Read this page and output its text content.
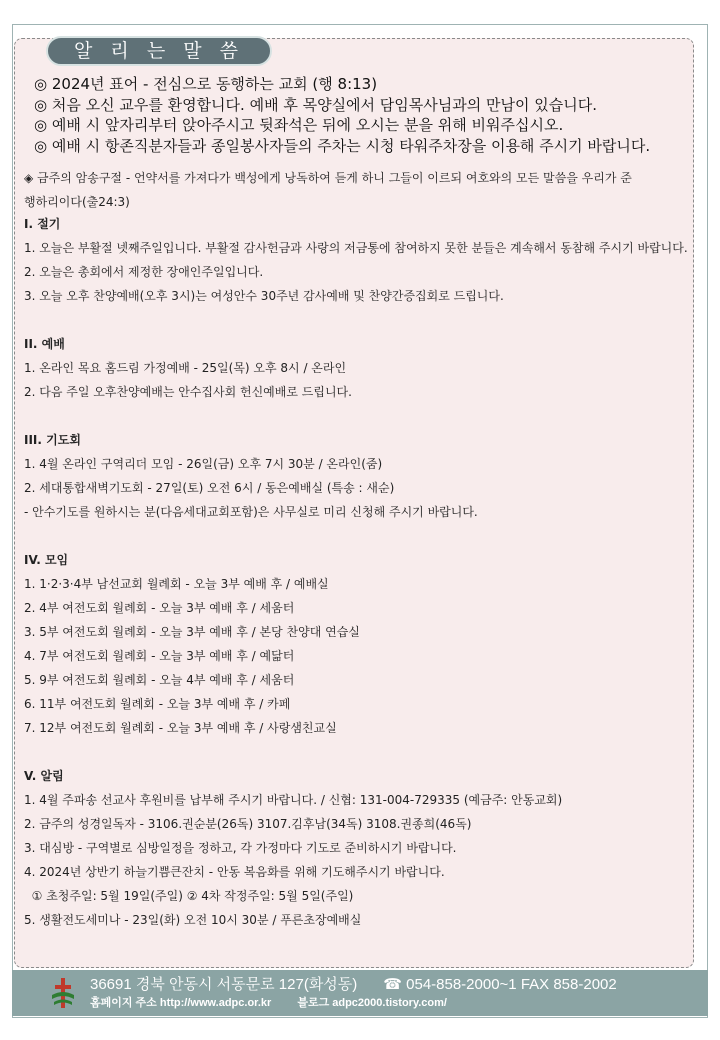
알 리 는 말 씀
◎ 2024년 표어 - 전심으로 동행하는 교회 (행 8:13)
◎ 처음 오신 교우를 환영합니다. 예배 후 목양실에서 담임목사님과의 만남이 있습니다.
◎ 예배 시 앞자리부터 앉아주시고 뒷좌석은 뒤에 오시는 분을 위해 비워주십시오.
◎ 예배 시 항존직분자들과 종일봉사자들의 주차는 시청 타워주차장을 이용해 주시기 바랍니다.
◈ 금주의 암송구절 - 언약서를 가져다가 백성에게 낭독하여 듣게 하니 그들이 이르되 여호와의 모든 말씀을 우리가 준
행하리이다(출24:3)
I. 절기
1. 오늘은 부활절 넷째주일입니다. 부활절 감사헌금과 사랑의 저금통에 참여하지 못한 분들은 계속해서 동참해 주시기 바랍니다.
2. 오늘은 총회에서 제정한 장애인주일입니다.
3. 오늘 오후 찬양예배(오후 3시)는 여성안수 30주년 감사예배 및 찬양간증집회로 드립니다.
II. 예배
1. 온라인 목요 홈드림 가정예배 - 25일(목) 오후 8시 / 온라인
2. 다음 주일 오후찬양예배는 안수집사회 헌신예배로 드립니다.
III. 기도회
1. 4월 온라인 구역리더 모임 - 26일(금) 오후 7시 30분 / 온라인(줌)
2. 세대통합새벽기도회 - 27일(토) 오전 6시 / 동은예배실 (특송 : 새순)
- 안수기도를 원하시는 분(다음세대교회포함)은 사무실로 미리 신청해 주시기 바랍니다.
IV. 모임
1. 1·2·3·4부 남선교회 월례회 - 오늘 3부 예배 후 / 예배실
2. 4부 여전도회 월례회 - 오늘 3부 예배 후 / 세움터
3. 5부 여전도회 월례회 - 오늘 3부 예배 후 / 본당 찬양대 연습실
4. 7부 여전도회 월례회 - 오늘 3부 예배 후 / 예닮터
5. 9부 여전도회 월례회 - 오늘 4부 예배 후 / 세움터
6. 11부 여전도회 월례회 - 오늘 3부 예배 후 / 카페
7. 12부 여전도회 월례회 - 오늘 3부 예배 후 / 사랑샘친교실
V. 알림
1. 4월 주파송 선교사 후원비를 납부해 주시기 바랍니다. / 신협: 131-004-729335 (예금주: 안동교회)
2. 금주의 성경일독자 - 3106.권순분(26독) 3107.김후남(34독) 3108.권종희(46독)
3. 대심방 - 구역별로 심방일정을 정하고, 각 가정마다 기도로 준비하시기 바랍니다.
4. 2024년 상반기 하늘기쁨큰잔치 - 안동 복음화를 위해 기도해주시기 바랍니다.
① 초청주일: 5월 19일(주일) ② 4차 작정주일: 5월 5일(주일)
5. 생활전도세미나 - 23일(화) 오전 10시 30분 / 푸른초장예배실
36691 경북 안동시 서동문로 127(화성동) ☎ 054-858-2000~1 FAX 858-2002
홈페이지 주소 http://www.adpc.or.kr 블로그 adpc2000.tistory.com/
